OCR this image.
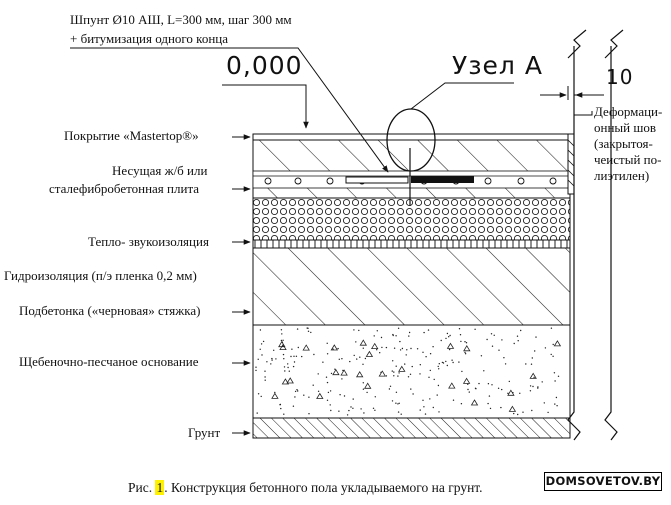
Шпунт Ø10 АШ, L=300 мм, шаг 300 мм
+ битумизация одного конца
0,000	Узел А	10
Покрытие «Mastertop®»
Несущая ж/б или
сталефибробетонная плита
Тепло- звукоизоляция
Гидроизоляция (п/э пленка 0,2 мм)
Подбетонка («черновая» стяжка)
Щебеночно-песчаное основание
Грунт
Деформаци-
онный шов
(закрытоя-
чеистый по-
лиэтилен)
Рис. 1. Конструкция бетонного пола укладываемого на грунт.	DOMSOVETOV.BY
